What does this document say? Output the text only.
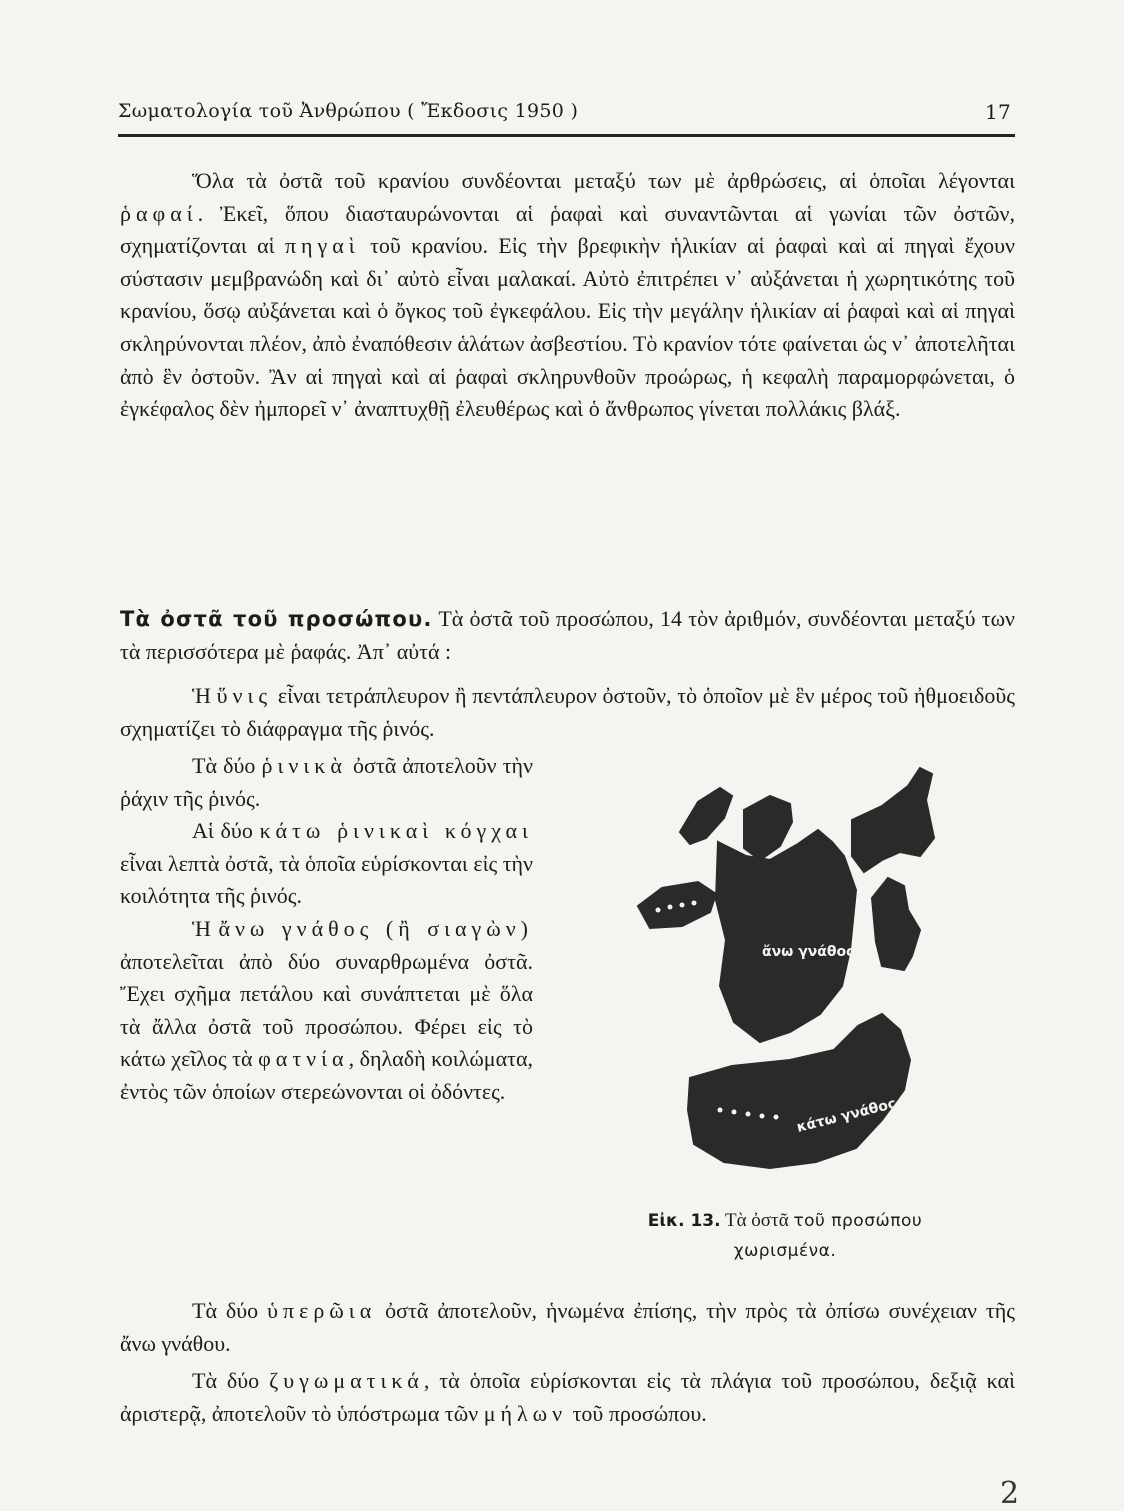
Σωματολογία τοῦ Ἀνθρώπου ( Ἔκδοσις 1950 )	17

Ὅλα τὰ ὀστᾶ τοῦ κρανίου συνδέονται μεταξύ των μὲ ἀρθρώσεις, αἱ ὁποῖαι λέγονται ῥαφαί. Ἐκεῖ, ὅπου διασταυρώνονται αἱ ῥαφαὶ καὶ συναντῶνται αἱ γωνίαι τῶν ὀστῶν, σχηματίζονται αἱ πηγαὶ τοῦ κρανίου. Εἰς τὴν βρεφικὴν ἡλικίαν αἱ ῥαφαὶ καὶ αἱ πηγαὶ ἔχουν σύστασιν μεμβρανώδη καὶ δι᾿ αὐτὸ εἶναι μαλακαί. Αὐτὸ ἐπιτρέπει ν᾿ αὐξάνεται ἡ χωρητικότης τοῦ κρανίου, ὅσῳ αὐξάνεται καὶ ὁ ὄγκος τοῦ ἐγκεφάλου. Εἰς τὴν μεγάλην ἡλικίαν αἱ ῥαφαὶ καὶ αἱ πηγαὶ σκληρύνονται πλέον, ἀπὸ ἐναπόθεσιν ἁλάτων ἀσβεστίου. Τὸ κρανίον τότε φαίνεται ὡς ν᾿ ἀποτελῆται ἀπὸ ἓν ὀστοῦν. Ἂν αἱ πηγαὶ καὶ αἱ ῥαφαὶ σκληρυνθοῦν προώρως, ἡ κεφαλὴ παραμορφώνεται, ὁ ἐγκέφαλος δὲν ἠμπορεῖ ν᾿ ἀναπτυχθῇ ἐλευθέρως καὶ ὁ ἄνθρωπος γίνεται πολλάκις βλάξ.

Τὰ ὀστᾶ τοῦ προσώπου. Τὰ ὀστᾶ τοῦ προσώπου, 14 τὸν ἀριθμόν, συνδέονται μεταξύ των τὰ περισσότερα μὲ ῥαφάς. Ἀπ᾿ αὐτά :

Ἡ ὕνις εἶναι τετράπλευρον ἢ πεντάπλευρον ὀστοῦν, τὸ ὁποῖον μὲ ἓν μέρος τοῦ ἠθμοειδοῦς σχηματίζει τὸ διάφραγμα τῆς ῥινός.

Τὰ δύο ῥινικὰ ὀστᾶ ἀποτελοῦν τὴν ῥάχιν τῆς ῥινός.
Αἱ δύο κάτω ῥινικαὶ κόγχαι εἶναι λεπτὰ ὀστᾶ, τὰ ὁποῖα εὑρίσκονται εἰς τὴν κοιλότητα τῆς ῥινός.
Ἡ ἄνω γνάθος (ἢ σιαγὼν) ἀποτελεῖται ἀπὸ δύο συναρθρωμένα ὀστᾶ. Ἔχει σχῆμα πετάλου καὶ συνάπτεται μὲ ὅλα τὰ ἄλλα ὀστᾶ τοῦ προσώπου. Φέρει εἰς τὸ κάτω χεῖλος τὰ φατνία, δηλαδὴ κοιλώματα, ἐντὸς τῶν ὁποίων στερεώνονται οἱ ὀδόντες.
ἄνω γνάθος
κάτω γνάθος
Εἰκ. 13. Τὰ ὀστᾶ τοῦ προσώπου
χωρισμένα.

Τὰ δύο ὑπερῶια ὀστᾶ ἀποτελοῦν, ἡνωμένα ἐπίσης, τὴν πρὸς τὰ ὀπίσω συνέχειαν τῆς ἄνω γνάθου.

Τὰ δύο ζυγωματικά, τὰ ὁποῖα εὑρίσκονται εἰς τὰ πλάγια τοῦ προσώπου, δεξιᾷ καὶ ἀριστερᾷ, ἀποτελοῦν τὸ ὑπόστρωμα τῶν μήλων τοῦ προσώπου.

2
